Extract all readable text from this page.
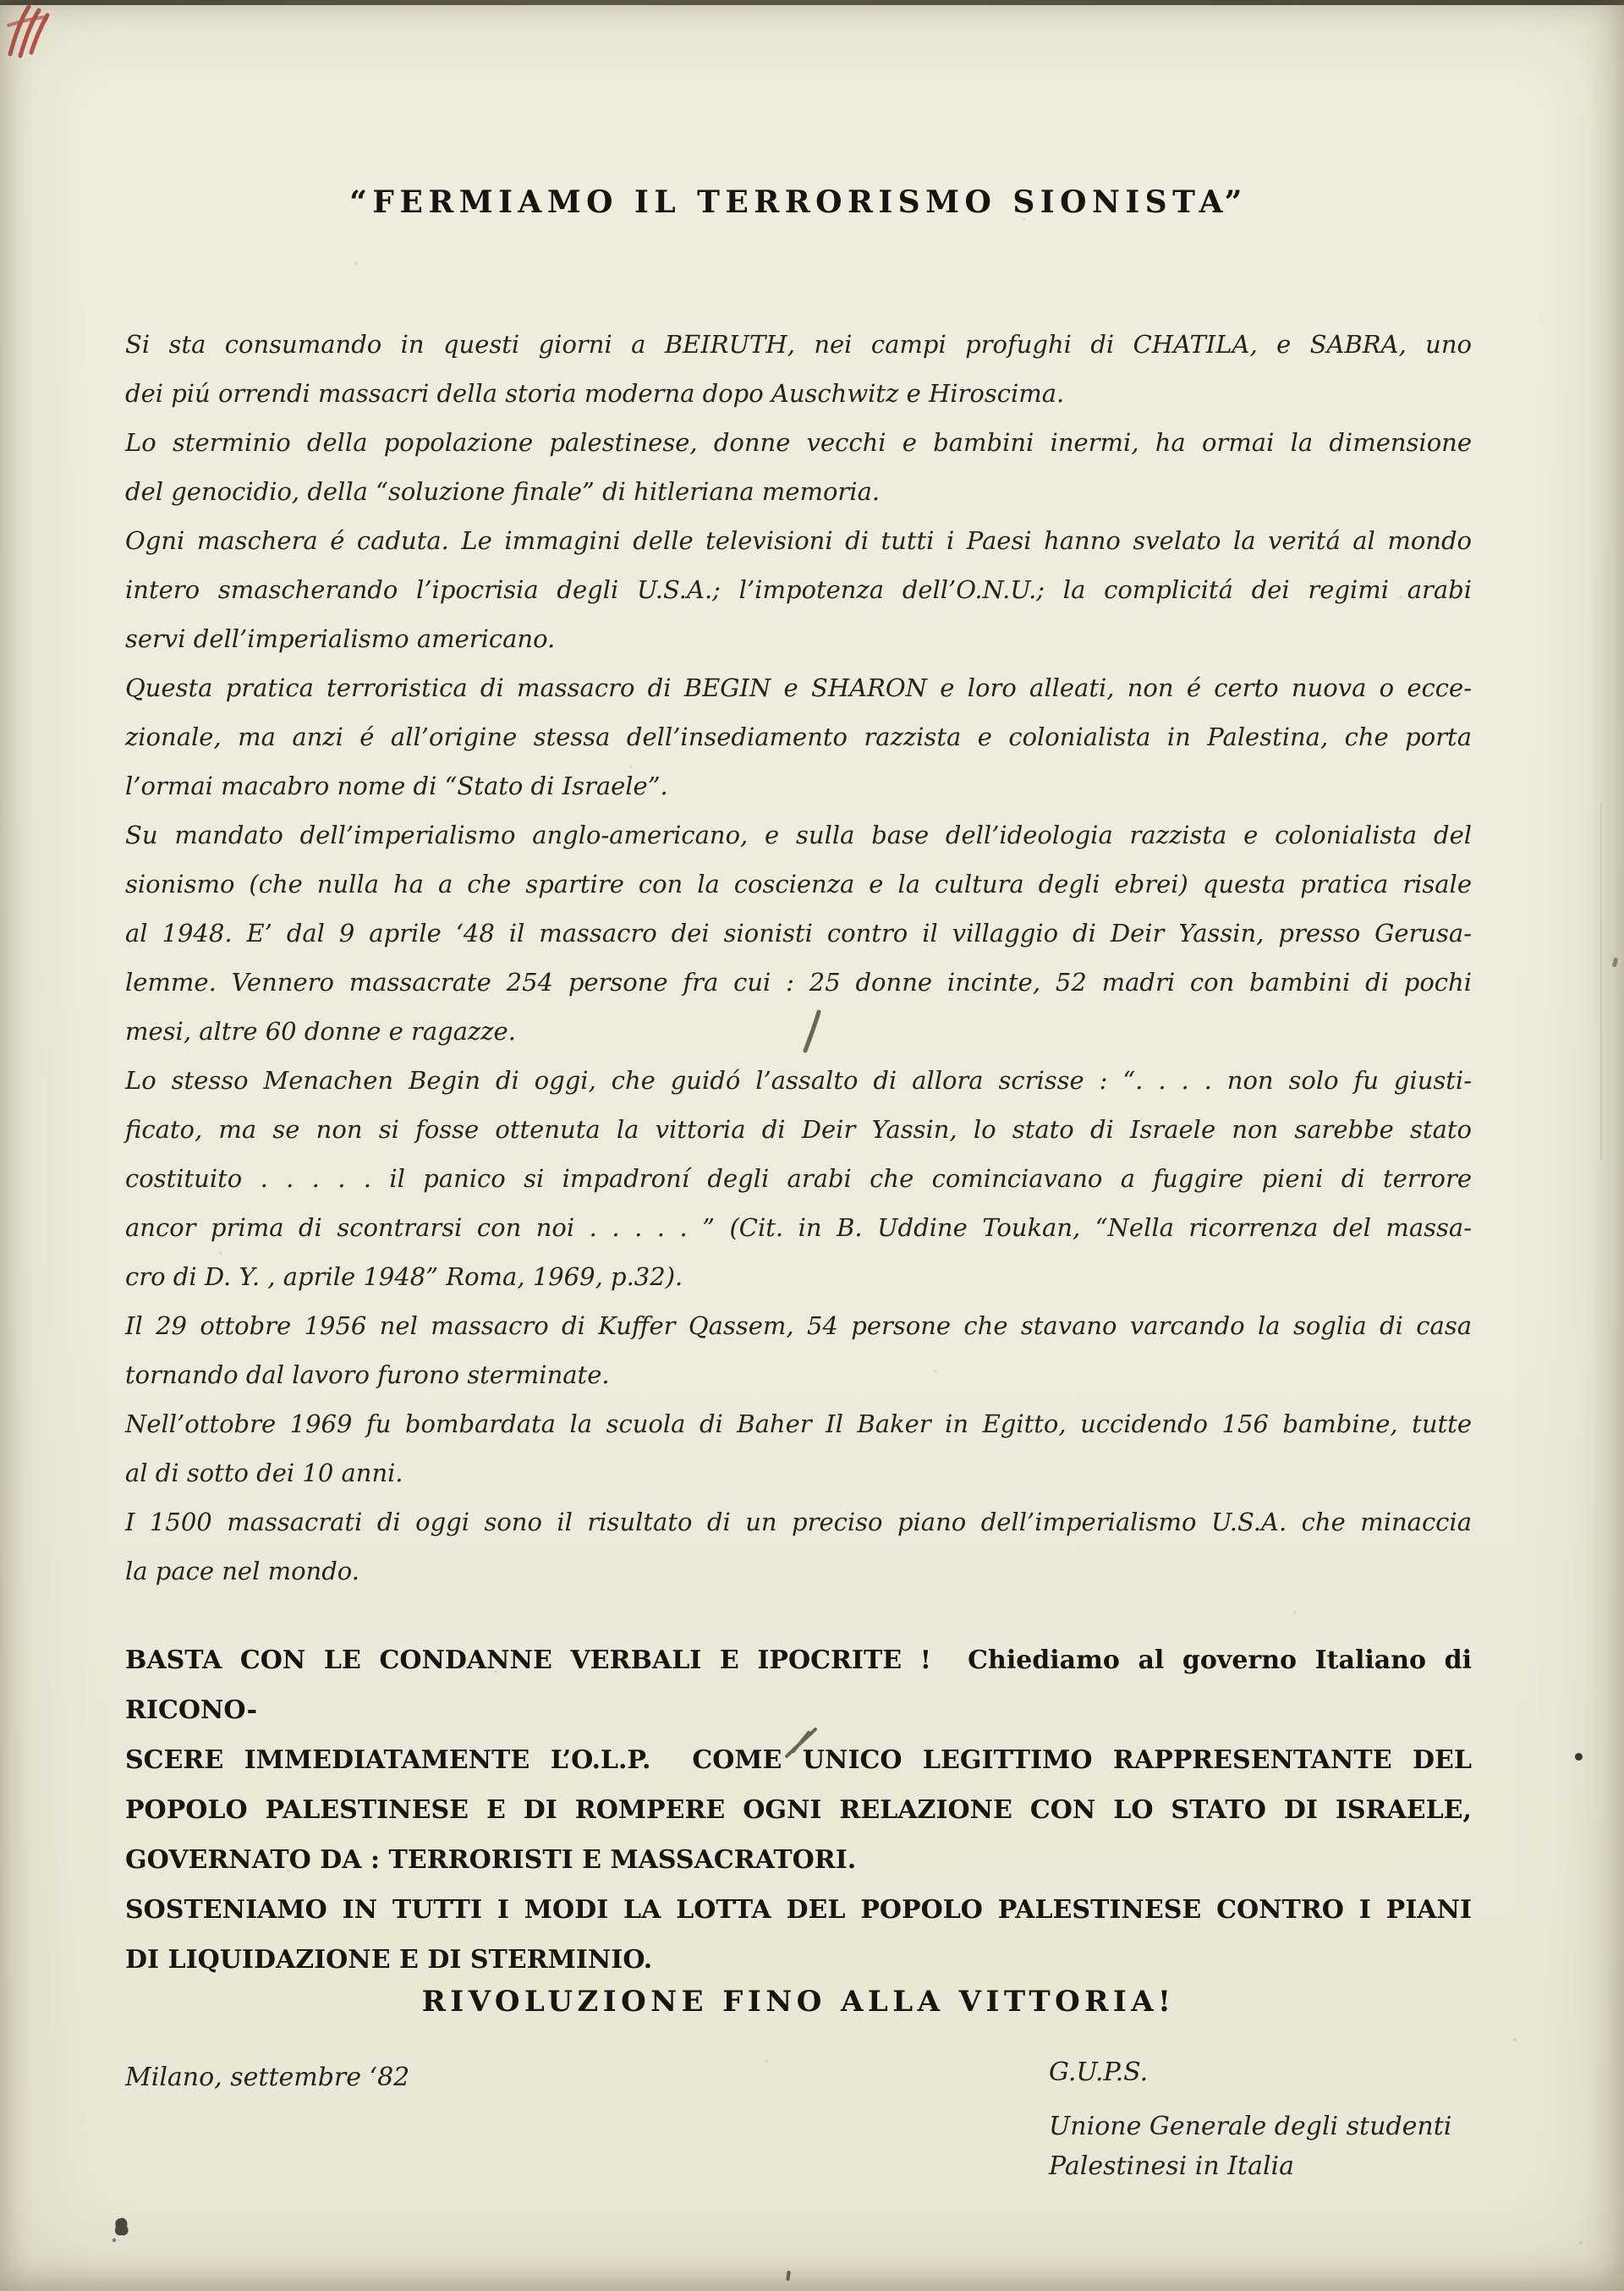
“FERMIAMO IL TERRORISMO SIONISTA”
Si sta consumando in questi giorni a BEIRUTH, nei campi profughi di CHATILA, e SABRA, uno
dei piú orrendi massacri della storia moderna dopo Auschwitz e Hiroscima.
Lo sterminio della popolazione palestinese, donne vecchi e bambini inermi, ha ormai la dimensione
del genocidio, della “soluzione finale” di hitleriana memoria.
Ogni maschera é caduta. Le immagini delle televisioni di tutti i Paesi hanno svelato la veritá al mondo
intero smascherando l’ipocrisia degli U.S.A.; l’impotenza dell’O.N.U.; la complicitá dei regimi arabi
servi dell’imperialismo americano.
Questa pratica terroristica di massacro di BEGIN e SHARON e loro alleati, non é certo nuova o ecce-
zionale, ma anzi é all’origine stessa dell’insediamento razzista e colonialista in Palestina, che porta
l’ormai macabro nome di “Stato di Israele”.
Su mandato dell’imperialismo anglo-americano, e sulla base dell’ideologia razzista e colonialista del
sionismo (che nulla ha a che spartire con la coscienza e la cultura degli ebrei) questa pratica risale
al 1948. E’ dal 9 aprile ‘48 il massacro dei sionisti contro il villaggio di Deir Yassin, presso Gerusa-
lemme. Vennero massacrate 254 persone fra cui : 25 donne incinte, 52 madri con bambini di pochi
mesi, altre 60 donne e ragazze.
Lo stesso Menachen Begin di oggi, che guidó l’assalto di allora scrisse : “. . . . non solo fu giusti-
ficato, ma se non si fosse ottenuta la vittoria di Deir Yassin, lo stato di Israele non sarebbe stato
costituito . . . . . il panico si impadroní degli arabi che cominciavano a fuggire pieni di terrore
ancor prima di scontrarsi con noi . . . . . ” (Cit. in B. Uddine Toukan, “Nella ricorrenza del massa-
cro di D. Y. , aprile 1948” Roma, 1969, p.32).
Il 29 ottobre 1956 nel massacro di Kuffer Qassem, 54 persone che stavano varcando la soglia di casa
tornando dal lavoro furono sterminate.
Nell’ottobre 1969 fu bombardata la scuola di Baher Il Baker in Egitto, uccidendo 156 bambine, tutte
al di sotto dei 10 anni.
I 1500 massacrati di oggi sono il risultato di un preciso piano dell’imperialismo U.S.A. che minaccia
la pace nel mondo.
BASTA CON LE CONDANNE VERBALI E IPOCRITE !  Chiediamo al governo Italiano di RICONO-
SCERE IMMEDIATAMENTE L’O.L.P.  COME UNICO LEGITTIMO RAPPRESENTANTE DEL
POPOLO PALESTINESE E DI ROMPERE OGNI RELAZIONE CON LO STATO DI ISRAELE,
GOVERNATO DA : TERRORISTI E MASSACRATORI.
SOSTENIAMO IN TUTTI I MODI LA LOTTA DEL POPOLO PALESTINESE CONTRO I PIANI
DI LIQUIDAZIONE E DI STERMINIO.
RIVOLUZIONE FINO ALLA VITTORIA!
Milano, settembre ‘82	G.U.P.S.
Unione Generale degli studenti
Palestinesi in Italia
